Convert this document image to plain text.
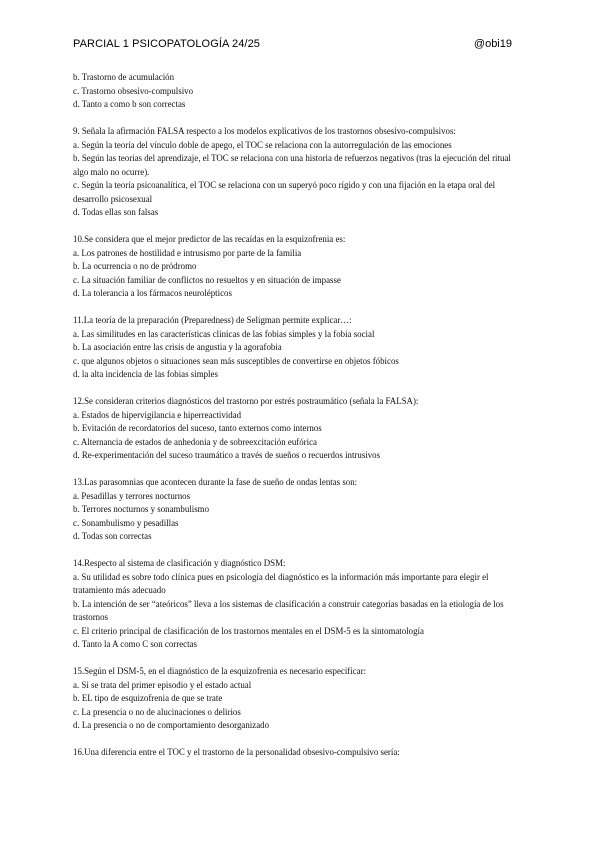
PARCIAL 1 PSICOPATOLOGÍA 24/25	@obi19
b. Trastorno de acumulación
c. Trastorno obsesivo-compulsivo
d. Tanto a como b son correctas
9. Señala la afirmación FALSA respecto a los modelos explicativos de los trastornos obsesivo-compulsivos:
a. Según la teoría del vínculo doble de apego, el TOC se relaciona con la autorregulación de las emociones
b. Según las teorías del aprendizaje, el TOC se relaciona con una historia de refuerzos negativos (tras la ejecución del ritual algo malo no ocurre).
c. Según la teoría psicoanalítica, el TOC se relaciona con un superyó poco rígido y con una fijación en la etapa oral del desarrollo psicosexual
d. Todas ellas son falsas
10.Se considera que el mejor predictor de las recaídas en la esquizofrenia es:
a. Los patrones de hostilidad e intrusismo por parte de la familia
b. La ocurrencia o no de pródromo
c. La situación familiar de conflictos no resueltos y en situación de impasse
d. La tolerancia a los fármacos neurolépticos
11.La teoría de la preparación (Preparedness) de Seligman permite explicar…:
a. Las similitudes en las características clínicas de las fobias simples y la fobia social
b. La asociación entre las crisis de angustia y la agorafobia
c. que algunos objetos o situaciones sean más susceptibles de convertirse en objetos fóbicos
d. la alta incidencia de las fobias simples
12.Se consideran criterios diagnósticos del trastorno por estrés postraumático (señala la FALSA):
a. Estados de hipervigilancia e hiperreactividad
b. Evitación de recordatorios del suceso, tanto externos como internos
c. Alternancia de estados de anhedonia y de sobreexcitación eufórica
d. Re-experimentación del suceso traumático a través de sueños o recuerdos intrusivos
13.Las parasomnias que acontecen durante la fase de sueño de ondas lentas son:
a. Pesadillas y terrores nocturnos
b. Terrores nocturnos y sonambulismo
c. Sonambulismo y pesadillas
d. Todas son correctas
14.Respecto al sistema de clasificación y diagnóstico DSM:
a. Su utilidad es sobre todo clínica pues en psicología del diagnóstico es la información más importante para elegir el tratamiento más adecuado
b. La intención de ser “ateóricos” lleva a los sistemas de clasificación a construir categorías basadas en la etiología de los trastornos
c. El criterio principal de clasificación de los trastornos mentales en el DSM-5 es la sintomatología
d. Tanto la A como C son correctas
15.Según el DSM-5, en el diagnóstico de la esquizofrenia es necesario especificar:
a. Si se trata del primer episodio y el estado actual
b. EL tipo de esquizofrenia de que se trate
c. La presencia o no de alucinaciones o delirios
d. La presencia o no de comportamiento desorganizado
16.Una diferencia entre el TOC y el trastorno de la personalidad obsesivo-compulsivo sería:
